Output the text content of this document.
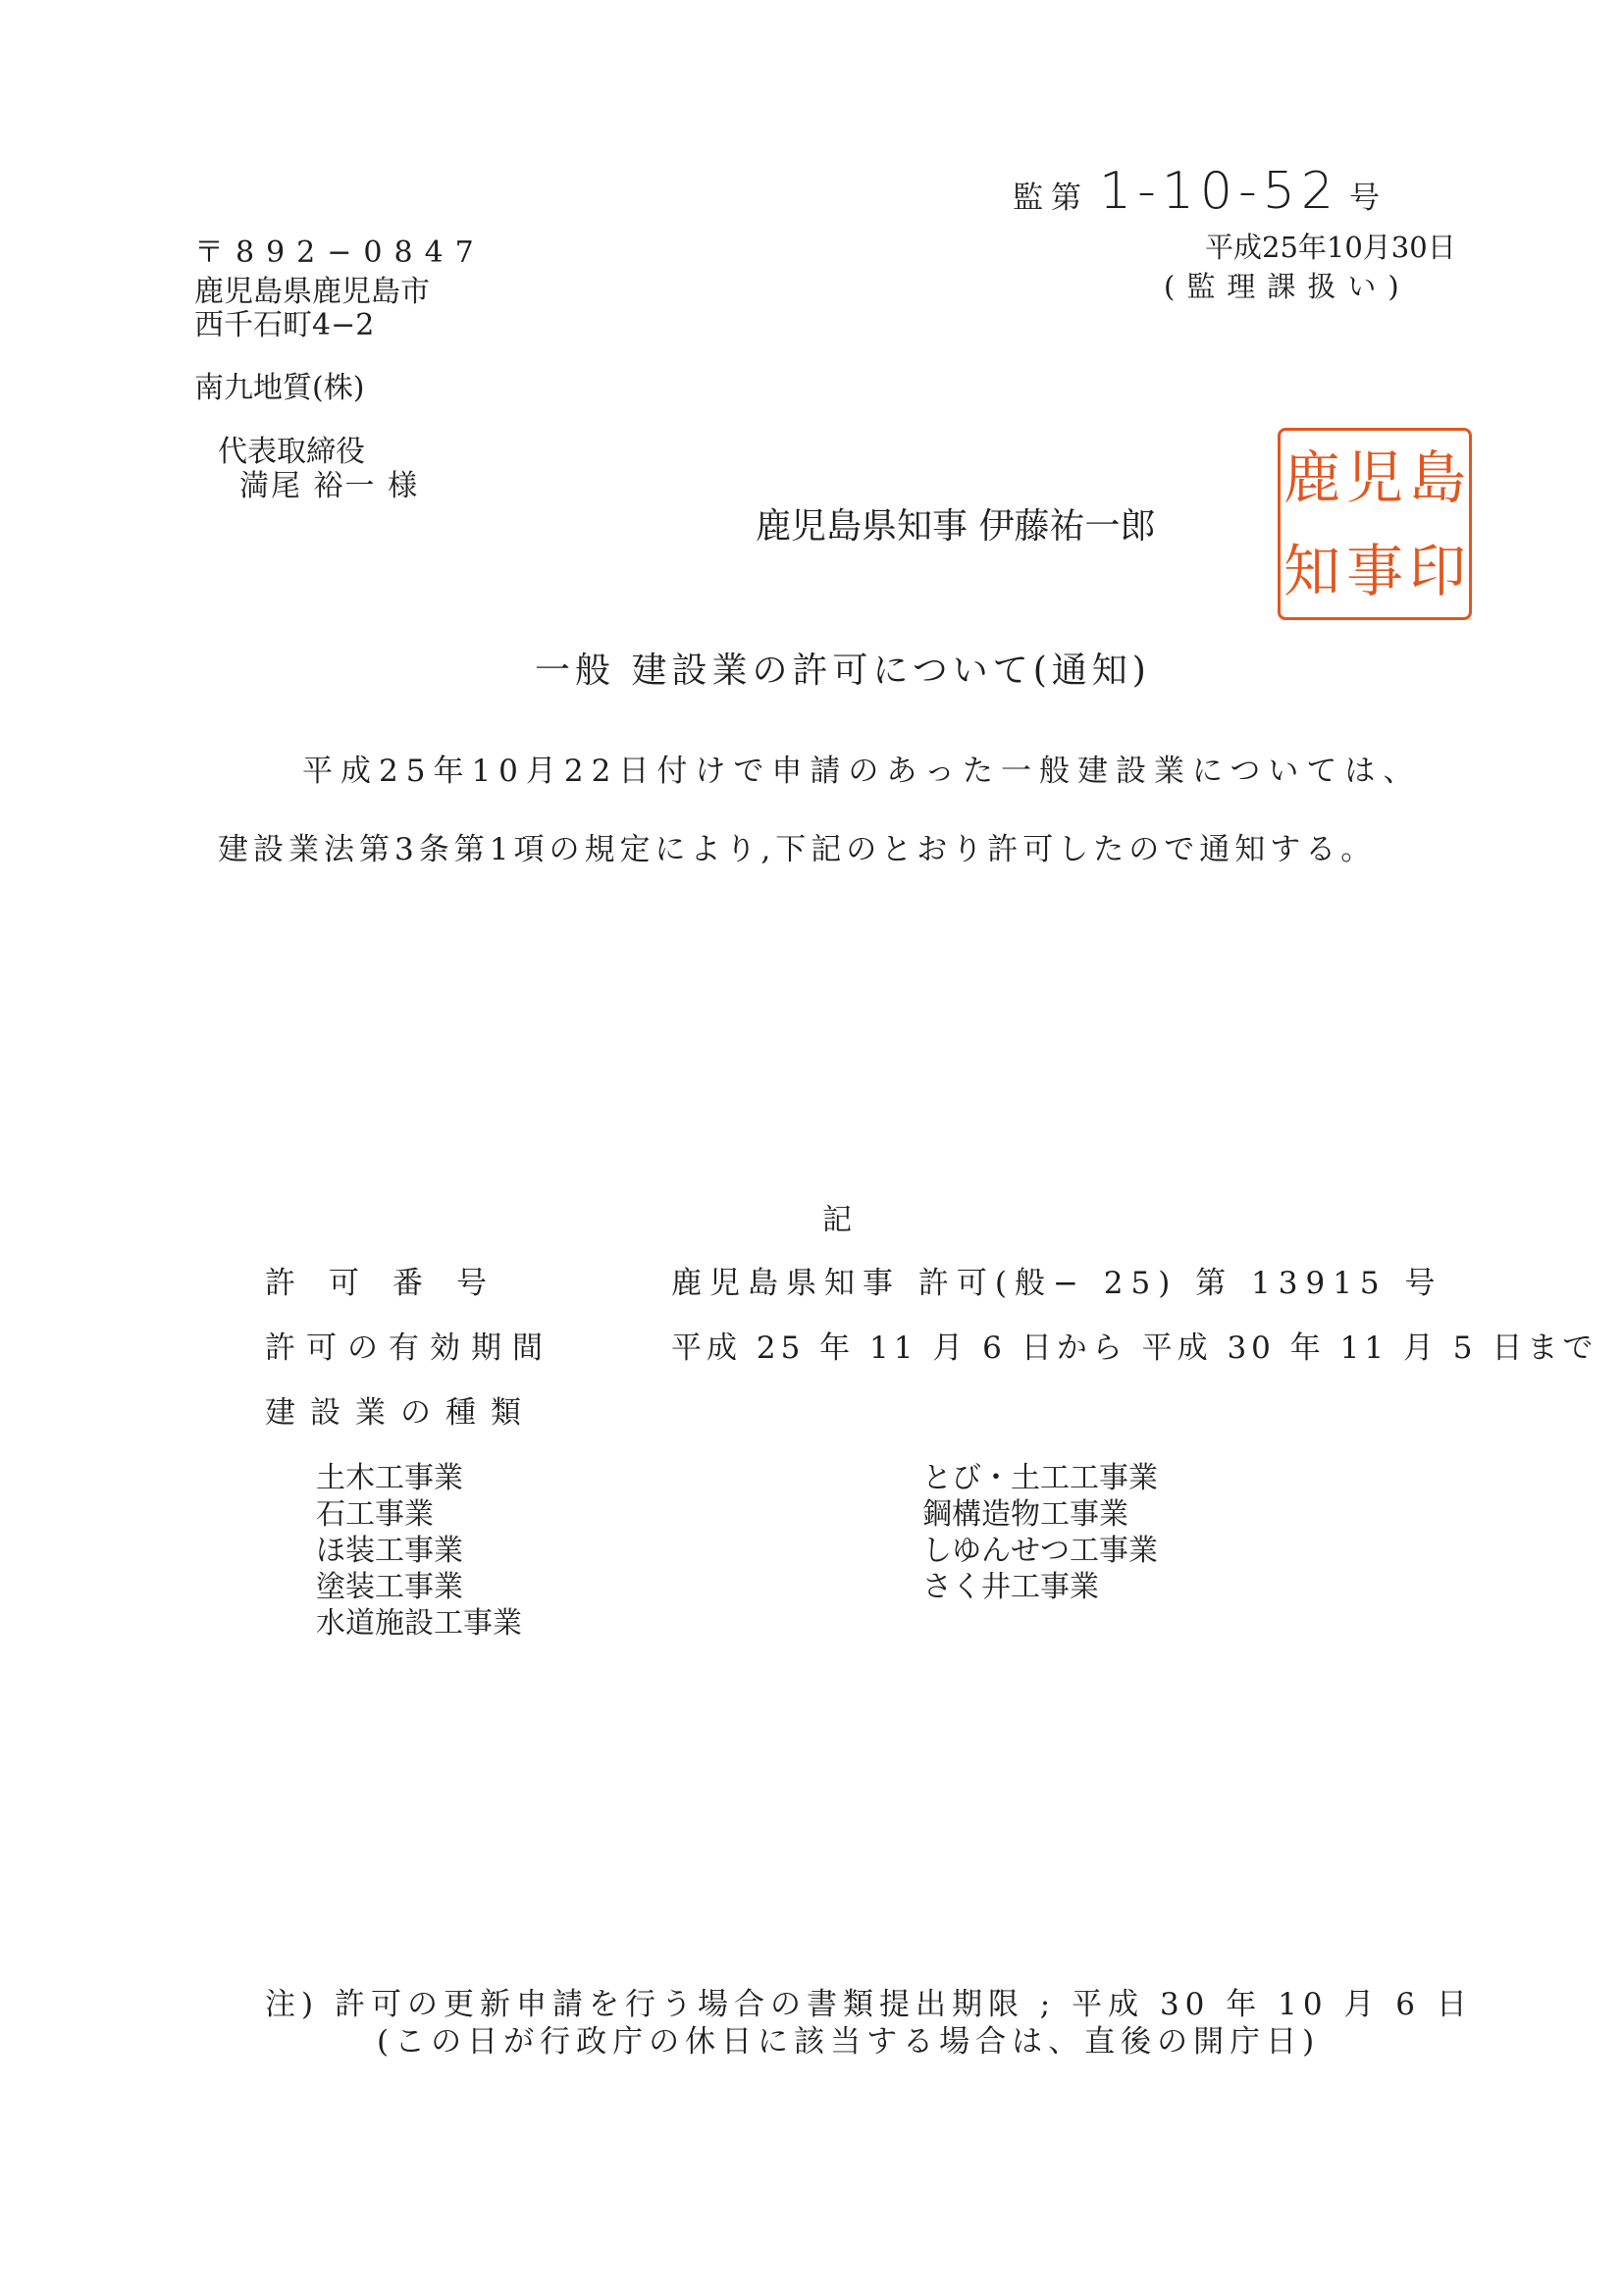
監第 1-10-52 号
平成25年10月30日
(監理課扱い)
〒892−0847
鹿児島県鹿児島市
西千石町4−2
南九地質(株)
代表取締役
満尾 裕一 様
鹿児島県知事 伊藤祐一郎
鹿 児 島
知 事 印
一般 建設業の許可について(通知)
平成25年10月22日付けで申請のあった一般建設業については、
建設業法第3条第1項の規定により,下記のとおり許可したので通知する。
記
許可番号	鹿児島県知事 許可(般− 25) 第 13915 号
許可の有効期間	平成 25 年 11 月 6 日から 平成 30 年 11 月 5 日まで
建設業の種類
土木工事業
石工事業
ほ装工事業
塗装工事業
水道施設工事業
とび・土工工事業
鋼構造物工事業
しゆんせつ工事業
さく井工事業
注) 許可の更新申請を行う場合の書類提出期限 ; 平成 30 年 10 月 6 日
(この日が行政庁の休日に該当する場合は、直後の開庁日)
